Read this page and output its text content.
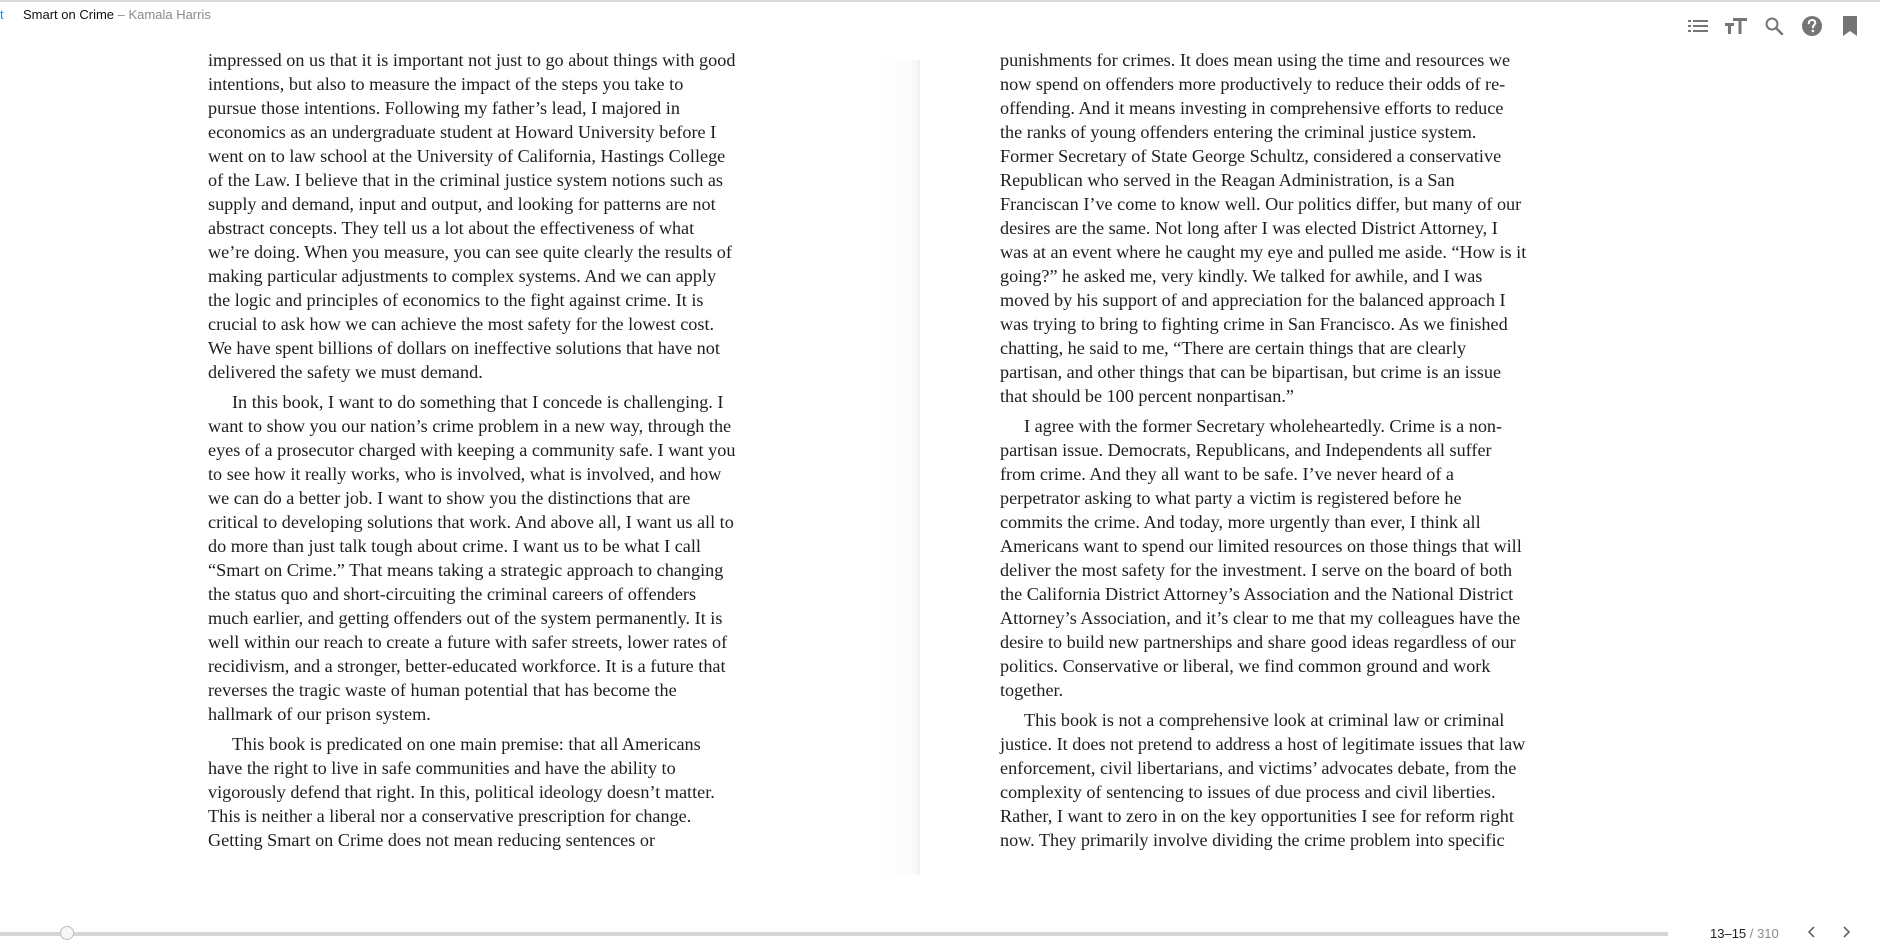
t Smart on Crime – Kamala Harris

impressed on us that it is important not just to go about things with good
intentions, but also to measure the impact of the steps you take to
pursue those intentions. Following my father’s lead, I majored in
economics as an undergraduate student at Howard University before I
went on to law school at the University of California, Hastings College
of the Law. I believe that in the criminal justice system notions such as
supply and demand, input and output, and looking for patterns are not
abstract concepts. They tell us a lot about the effectiveness of what
we’re doing. When you measure, you can see quite clearly the results of
making particular adjustments to complex systems. And we can apply
the logic and principles of economics to the fight against crime. It is
crucial to ask how we can achieve the most safety for the lowest cost.
We have spent billions of dollars on ineffective solutions that have not
delivered the safety we must demand.

In this book, I want to do something that I concede is challenging. I
want to show you our nation’s crime problem in a new way, through the
eyes of a prosecutor charged with keeping a community safe. I want you
to see how it really works, who is involved, what is involved, and how
we can do a better job. I want to show you the distinctions that are
critical to developing solutions that work. And above all, I want us all to
do more than just talk tough about crime. I want us to be what I call
“Smart on Crime.” That means taking a strategic approach to changing
the status quo and short-circuiting the criminal careers of offenders
much earlier, and getting offenders out of the system permanently. It is
well within our reach to create a future with safer streets, lower rates of
recidivism, and a stronger, better-educated workforce. It is a future that
reverses the tragic waste of human potential that has become the
hallmark of our prison system.

This book is predicated on one main premise: that all Americans
have the right to live in safe communities and have the ability to
vigorously defend that right. In this, political ideology doesn’t matter.
This is neither a liberal nor a conservative prescription for change.
Getting Smart on Crime does not mean reducing sentences or

punishments for crimes. It does mean using the time and resources we
now spend on offenders more productively to reduce their odds of re-
offending. And it means investing in comprehensive efforts to reduce
the ranks of young offenders entering the criminal justice system.
Former Secretary of State George Schultz, considered a conservative
Republican who served in the Reagan Administration, is a San
Franciscan I’ve come to know well. Our politics differ, but many of our
desires are the same. Not long after I was elected District Attorney, I
was at an event where he caught my eye and pulled me aside. “How is it
going?” he asked me, very kindly. We talked for awhile, and I was
moved by his support of and appreciation for the balanced approach I
was trying to bring to fighting crime in San Francisco. As we finished
chatting, he said to me, “There are certain things that are clearly
partisan, and other things that can be bipartisan, but crime is an issue
that should be 100 percent nonpartisan.”

I agree with the former Secretary wholeheartedly. Crime is a non-
partisan issue. Democrats, Republicans, and Independents all suffer
from crime. And they all want to be safe. I’ve never heard of a
perpetrator asking to what party a victim is registered before he
commits the crime. And today, more urgently than ever, I think all
Americans want to spend our limited resources on those things that will
deliver the most safety for the investment. I serve on the board of both
the California District Attorney’s Association and the National District
Attorney’s Association, and it’s clear to me that my colleagues have the
desire to build new partnerships and share good ideas regardless of our
politics. Conservative or liberal, we find common ground and work
together.

This book is not a comprehensive look at criminal law or criminal
justice. It does not pretend to address a host of legitimate issues that law
enforcement, civil libertarians, and victims’ advocates debate, from the
complexity of sentencing to issues of due process and civil liberties.
Rather, I want to zero in on the key opportunities I see for reform right
now. They primarily involve dividing the crime problem into specific

13–15 / 310
